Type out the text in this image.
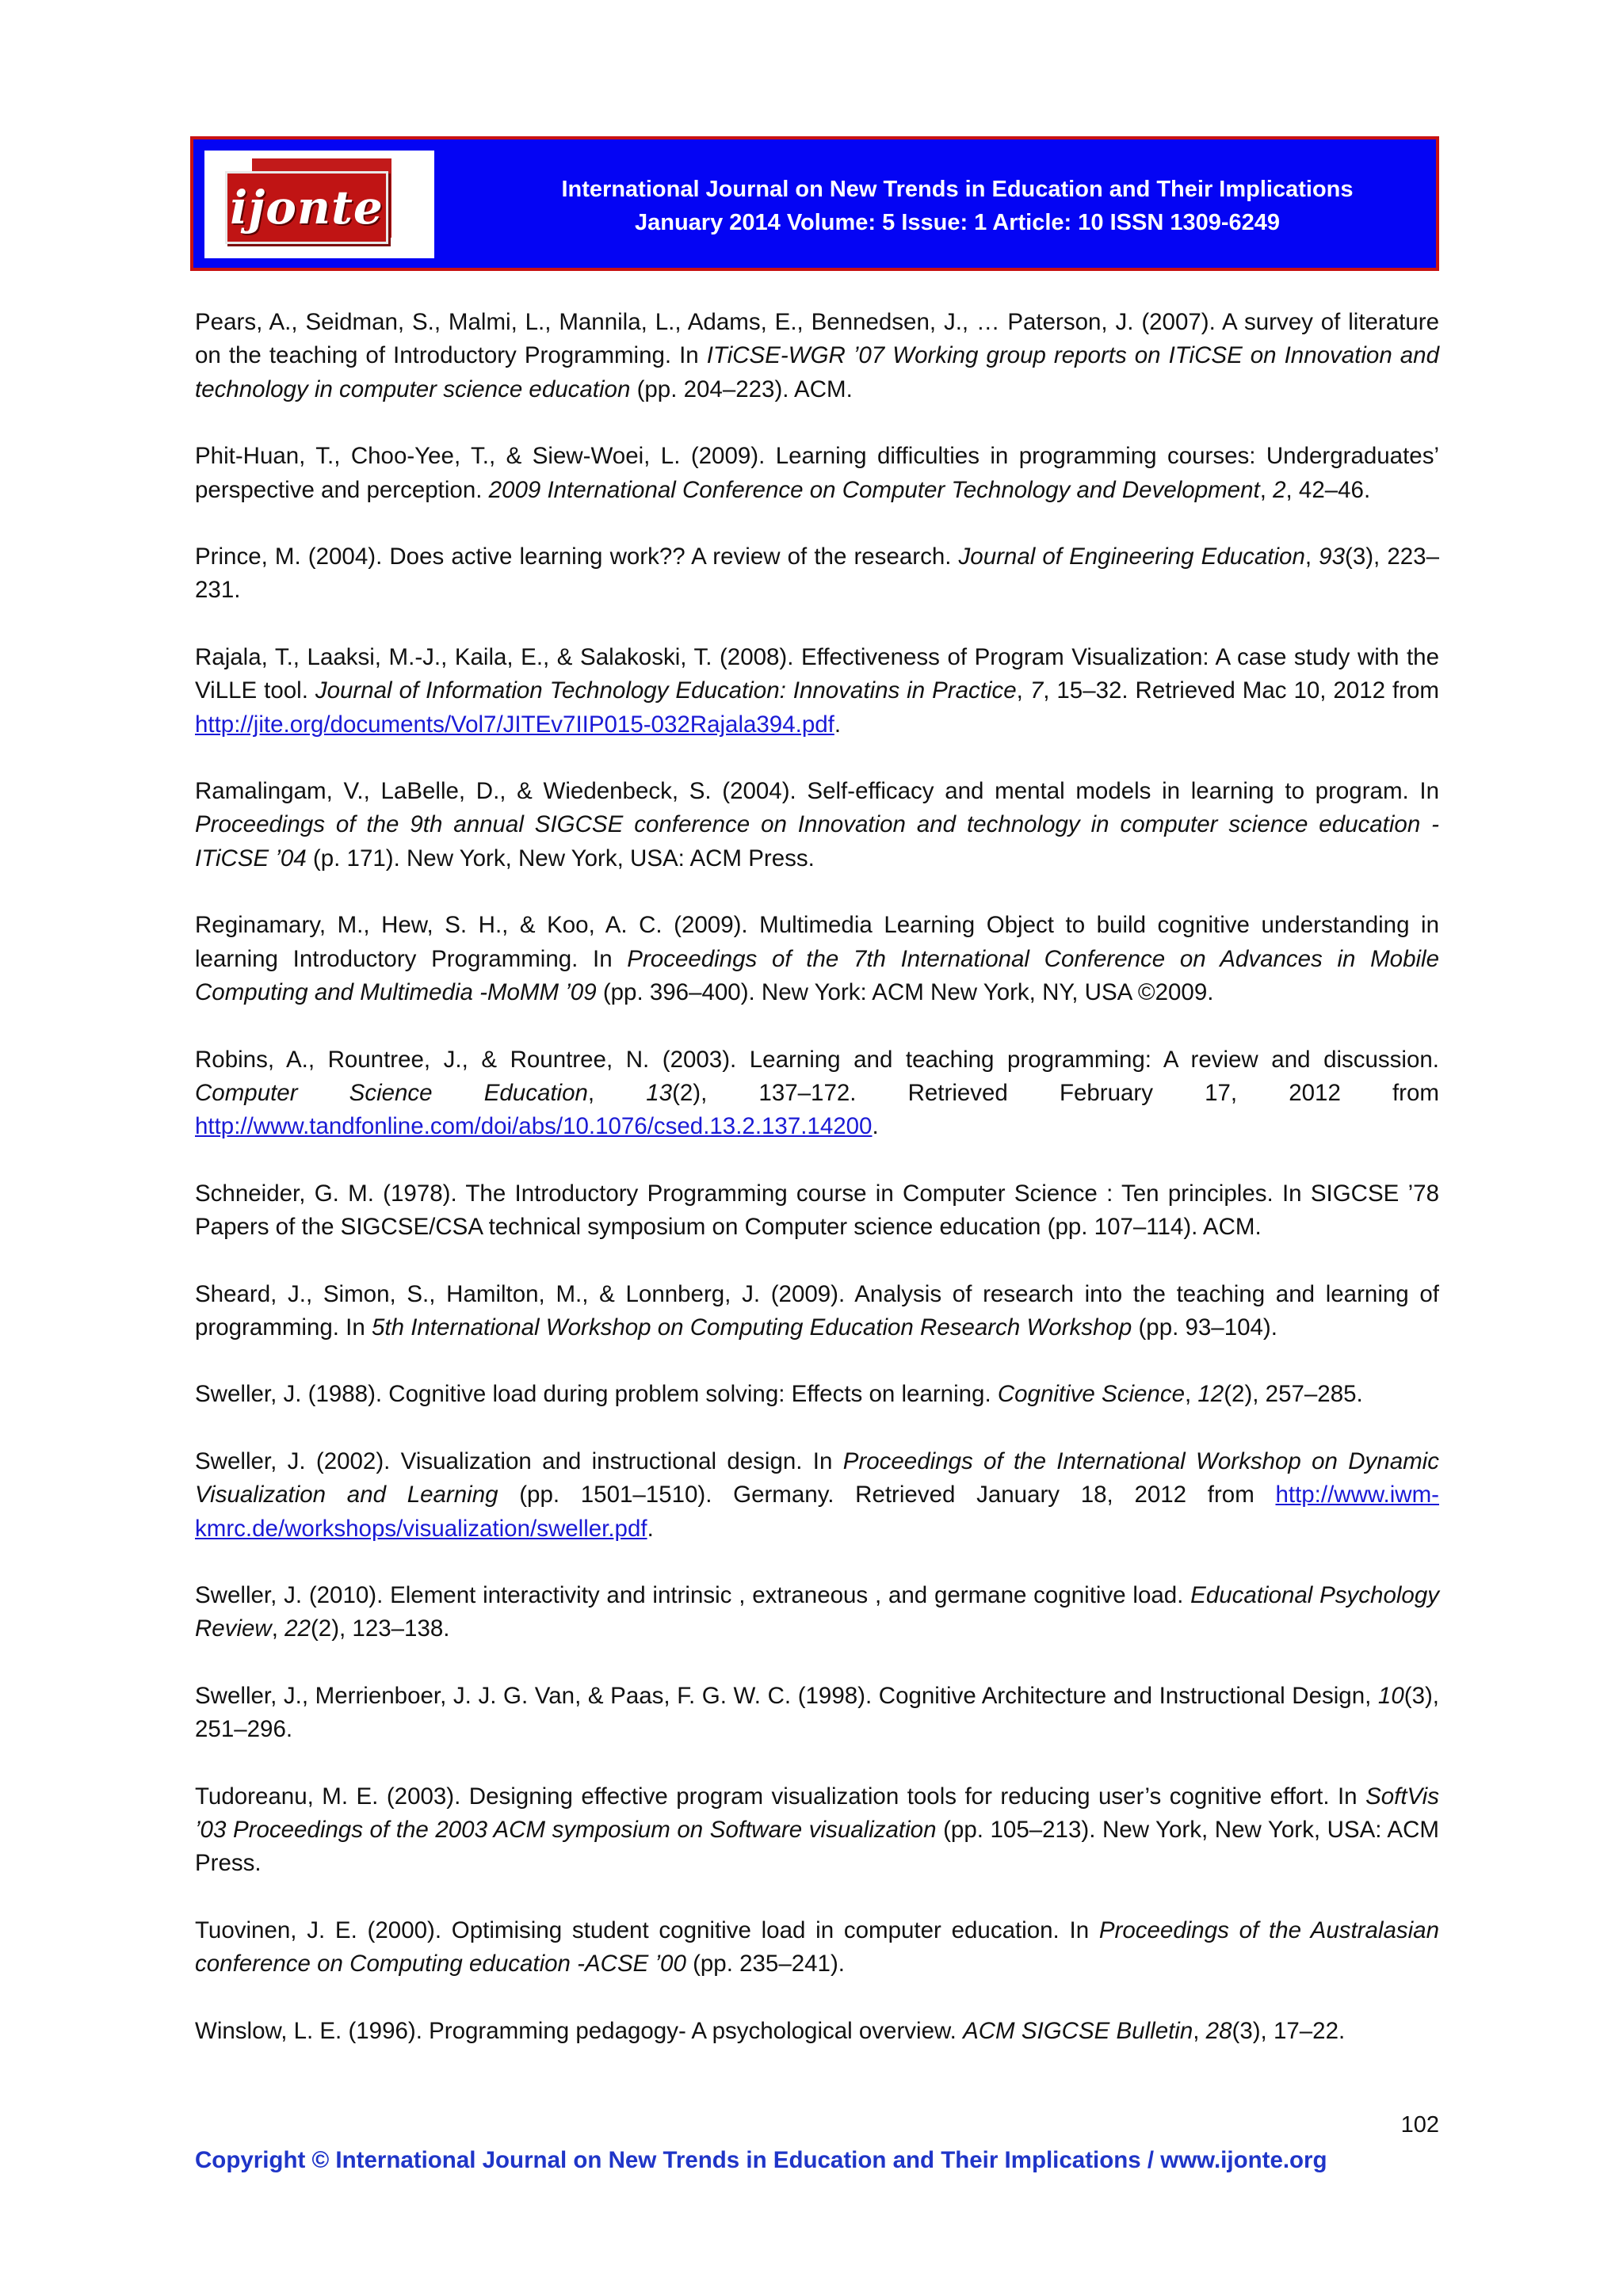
ijonte	International Journal on New Trends in Education and Their Implications
January 2014 Volume: 5 Issue: 1 Article: 10 ISSN 1309-6249

Pears, A., Seidman, S., Malmi, L., Mannila, L., Adams, E., Bennedsen, J., … Paterson, J. (2007). A survey of literature on the teaching of Introductory Programming. In ITiCSE-WGR ’07 Working group reports on ITiCSE on Innovation and technology in computer science education (pp. 204–223). ACM.

Phit-Huan, T., Choo-Yee, T., & Siew-Woei, L. (2009). Learning difficulties in programming courses: Undergraduates’ perspective and perception. 2009 International Conference on Computer Technology and Development, 2, 42–46.

Prince, M. (2004). Does active learning work?? A review of the research. Journal of Engineering Education, 93(3), 223–231.

Rajala, T., Laaksi, M.-J., Kaila, E., & Salakoski, T. (2008). Effectiveness of Program Visualization: A case study with the ViLLE tool. Journal of Information Technology Education: Innovatins in Practice, 7, 15–32. Retrieved Mac 10, 2012 from http://jite.org/documents/Vol7/JITEv7IIP015-032Rajala394.pdf.

Ramalingam, V., LaBelle, D., & Wiedenbeck, S. (2004). Self-efficacy and mental models in learning to program. In Proceedings of the 9th annual SIGCSE conference on Innovation and technology in computer science education - ITiCSE ’04 (p. 171). New York, New York, USA: ACM Press.

Reginamary, M., Hew, S. H., & Koo, A. C. (2009). Multimedia Learning Object to build cognitive understanding in learning Introductory Programming. In Proceedings of the 7th International Conference on Advances in Mobile Computing and Multimedia -MoMM ’09 (pp. 396–400). New York: ACM New York, NY, USA ©2009.

Robins, A., Rountree, J., & Rountree, N. (2003). Learning and teaching programming: A review and discussion. Computer Science Education, 13(2), 137–172. Retrieved February 17, 2012 from http://www.tandfonline.com/doi/abs/10.1076/csed.13.2.137.14200.

Schneider, G. M. (1978). The Introductory Programming course in Computer Science : Ten principles. In SIGCSE ’78 Papers of the SIGCSE/CSA technical symposium on Computer science education (pp. 107–114). ACM.

Sheard, J., Simon, S., Hamilton, M., & Lonnberg, J. (2009). Analysis of research into the teaching and learning of programming. In 5th International Workshop on Computing Education Research Workshop (pp. 93–104).

Sweller, J. (1988). Cognitive load during problem solving: Effects on learning. Cognitive Science, 12(2), 257–285.

Sweller, J. (2002). Visualization and instructional design. In Proceedings of the International Workshop on Dynamic Visualization and Learning (pp. 1501–1510). Germany. Retrieved January 18, 2012 from http://www.iwm-kmrc.de/workshops/visualization/sweller.pdf.

Sweller, J. (2010). Element interactivity and intrinsic , extraneous , and germane cognitive load. Educational Psychology Review, 22(2), 123–138.

Sweller, J., Merrienboer, J. J. G. Van, & Paas, F. G. W. C. (1998). Cognitive Architecture and Instructional Design, 10(3), 251–296.

Tudoreanu, M. E. (2003). Designing effective program visualization tools for reducing user’s cognitive effort. In SoftVis ’03 Proceedings of the 2003 ACM symposium on Software visualization (pp. 105–213). New York, New York, USA: ACM Press.

Tuovinen, J. E. (2000). Optimising student cognitive load in computer education. In Proceedings of the Australasian conference on Computing education -ACSE ’00 (pp. 235–241).

Winslow, L. E. (1996). Programming pedagogy- A psychological overview. ACM SIGCSE Bulletin, 28(3), 17–22.

102
Copyright © International Journal on New Trends in Education and Their Implications / www.ijonte.org
